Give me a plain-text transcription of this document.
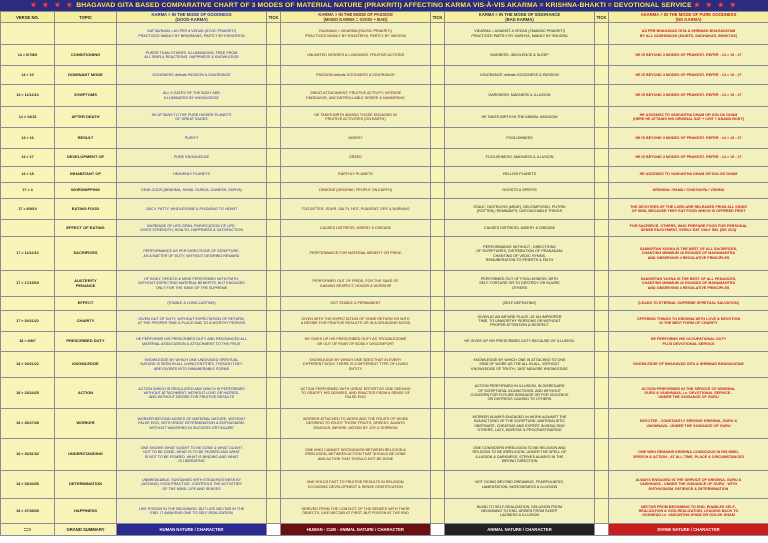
★ ★ ★ ★ BHAGAVAD GITA BASED COMPARATIVE CHART OF 3 MODES OF MATERIAL NATURE (PRAKRITI) AFFECTING KARMA VIS-À-VIS AKARMA = KRISHNA-BHAKTI = DEVOTIONAL SERVICE ★ ★ ★ ★
VERSE NO.	TOPIC	KARMA > IN THE MODE OF GOODNESS
(GOOD KARMA)	TICK	KARMA > IN THE MODE OF PASSION
(MIXED KARMA = GOOD + BAD)	TICK	KARMA > IN THE MODE OF IGNORANCE
(BAD KARMA)	TICK	AKARMA > IN THE MODE OF PURE GOODNESS
(NO KARMA)
		SATTAVIKAM = AS PER A VEDAS (ATVIC PRAKRITI)
PRACTICED MAINLY BY BRAHMANS, PARTLY BY KSHATRIYA		RAJASAM = VIKARMA (RAJSIC PRAKRITI)
PRACTICED MAINLY BY KSHATRIYA, PARTLY BY VAISHYA		VIKARMA = AGAINST A VEDAS (TAMASIC PRAKRITI)
PRACTICED PARTLY BY VAISHYA, MAINLY BY SHUDRA		AS PER BHAGAVAD GITA & SHRIMAD BHAGAVATAM
BY ALL VAISHNAVAS (SAINTS, SADHAKAS, BHAKTAS)
14 > 6/7/8/9	CONDITIONING	PURER THAN OTHERS, ILLUMINATING, FREE FROM
ALL SINFUL REACTIONS, HAPPINESS & KNOWLEDGE		UNLIMITED DESIRES & LONGINGS, FRUITIVE ACTIONS		MADNESS, INDOLENCE & SLEEP		HE IS BEYOND 3 MODES OF PRAKRITI. REFER : 14 > 19 - 27
14 > 10	DOMINANT MODE	GOODNESS defeats PASSION & IGNORANCE		PASSION defeats GOODNESS & IGNORANCE		IGNORANCE defeats GOODNESS & PASSION		HE IS BEYOND 3 MODES OF PRAKRITI. REFER : 14 > 19 - 27
14 > 11/12/13	SYMPTOMS	ALL 9 GATES OF THE BODY ARE
ILLUMINATED BY KNOWLEDGE		GREAT ATTACHMENT, FRUITIVE ACTIVITY, INTENSE
ENDEAVOR, UNCONTROLLABLE DESIRE & HANKERING		DARKNESS, MADNESS & ILLUSION		HE IS BEYOND 3 MODES OF PRAKRITI. REFER : 14 > 19 - 27
14 > 14/15	AFTER DEATH	HE ATTAINS TO THE PURE HIGHER PLANETS
OF GREAT SAGES		HE TAKES BIRTH AMONG THOSE ENGAGED IN
FRUITIVE ACTIVITIES (ON EARTH)		HE TAKES BIRTH IN THE ANIMAL KINGDOM		HE ASCENDS TO VAIKUNTHA DHAM OR GOLOK DHAM
(HERE HE ATTAINS HIS ORIGINAL SAT + CHIT + ANAND BODY)
14 > 16	RESULT	PURITY		MISERY		FOOLISHNESS		HE IS BEYOND 3 MODES OF PRAKRITI. REFER : 14 > 19 - 27
14 > 17	DEVELOPMENT OF	PURE KNOWLEDGE		GREED		FOOLISHNESS, MADNESS & ILLUSION		HE IS BEYOND 3 MODES OF PRAKRITI. REFER : 14 > 19 - 27
14 > 18	INHABITANT OF	HEAVENLY PLANETS		EARTHLY PLANETS		HELLISH PLANETS		HE ASCENDS TO VAIKUNTHA DHAM OR GOLOK DHAM
17 > 4	WORSHIPPING	DEMI-GODS (BRAHMA, SHIVA, DURGA, GANESH, SURYA)		DEMONS (DEMONIC PEOPLE ON EARTH)		GHOSTS & SPIRITS		KRISHNA / RAMA / CHAITANYA / VISHNU
17 > 8/9/10	EATING FOOD	JUICY, FATTY, WHOLESOME & PLEASING TO HEART		TOO BITTER, SOUR, SALTY, HOT, PUNGENT, DRY & BURNING		STALE, TASTELESS (MEAT), DECOMPOSED, PUTRID
(ROTTEN), REMNANTS, UNTOUCHABLE THINGS		THE DEVOTEES OF THE LORD ARE RELEASED FROM ALL KINDS
OF SINS, BECAUSE THEY EAT FOOD WHICH IS OFFERED FIRST
	EFFECT OF EATING	INCREASE OF LIFE-SPAN, PURIFICATION OF LIFE,
GIVES STRENGTH, HEALTH, HAPPINESS & SATISFACTION		CAUSES DISTRESS, MISERY & DISEASE		CAUSES DISTRESS, MISERY & DISEASE		FOR SACRIFICE. OTHERS, WHO PREPARE FOOD FOR PERSONAL
SENSE ENJOYMENT, VERILY EAT ONLY SIN. (BG 3/13)
17 > 11/12/13	SACRIFICES	PERFORMANCE AS PER DIRECTIONS OF SCRIPTURE,
AS A MATTER OF DUTY, WITHOUT DESIRING REWARD		PERFORMANCE FOR MATERIAL BENEFIT OR PRIDE		PERFORMANCE WITHOUT : DIRECTIONS
OF SCRIPTURES, DISTRIBUTION OF PRASADAM,
CHANTING OF VEDIC HYMNS,
REMUNERATION TO PRIESTS & FAITH		SANKIRTAN YAGNA IS THE BEST OF ALL SACRIFICES,
CHANTING MINIMUM 16 ROUNDS OF MAHAMANTRA
AND OBSERVING 4 REGULATIVE PRINCIPLES
17 > 17/18/19	AUSTERITY
PENANCE	OF BODY, SPEECH & MIND PERFORMED WITH FAITH,
WITHOUT EXPECTING MATERIAL BENEFITS, BUT ENGAGED
ONLY FOR THE SAKE OF THE SUPREME		PERFORMED OUT OF PRIDE, FOR THE SAKE OF
GAINING RESPECT, HONOR & WORSHIP		PERFORMED OUT OF FOOLISHNESS, WITH
SELF-TORTURE OR TO DESTROY OR INJURE
OTHERS		SANKIRTAN YAGNA IS THE BEST OF ALL PENANCES,
CHANTING MINIMUM 16 ROUNDS OF MAHAMANTRA
AND OBSERVING 4 REGULATIVE PRINCIPLES
	EFFECT	(STABLE & LONG-LASTING)		NOT STABLE & PERMANENT		(SELF-DEFEATING)		(LEADS TO ETERNAL SUPREME SPIRITUAL SALVATION)
17 > 20/21/22	CHARITY	GIVEN OUT OF DUTY, WITHOUT EXPECTATION OF RETURN,
AT THE PROPER TIME & PLACE AND TO A WORTHY PERSON		GIVEN WITH THE EXPECTATION OF SOME RETURN OR WITH
A DESIRE FOR FRUITIVE RESULTS OR IN A GRUDGING MOOD		GIVEN AT AN IMPURE PLACE, AT AN IMPROPER
TIME, TO UNWORTHY PERSONS OR WITHOUT
PROPER ATTENTION & RESPECT		OFFERING THINGS TO KRISHNA WITH LOVE & DEVOTION
IS THE BEST FORM OF CHARITY
18 > 9/8/7	PRESCRIBED DUTY	HE PERFORMS HIS PRESCRIBED DUTY AND RENOUNCES ALL
MATERIAL ASSOCIATION & ATTACHMENT TO THE FRUIT		HE GIVES UP HIS PRESCRIBED DUTY AS TROUBLESOME
OR OUT OF FEAR OF BODILY DISCOMFORT		HE GIVES UP HIS PRESCRIBED DUTY BECAUSE OF ILLUSION.		HE PERFORMS HIS OCCUPATIONAL DUTY
PLUS DEVOTIONAL SERVICE
18 > 20/21/22	KNOWLEDGE	KNOWLEDGE BY WHICH ONE UNDIVIDED SPIRITUAL
NATURE IS SEEN IN ALL LIVING ENTITIES, THOUGH THEY
ARE DIVIDED INTO INNUMERABLE FORMS		KNOWLEDGE BY WHICH ONE SEES THAT IN EVERY
DIFFERENT BODY, THERE IS A DIFFERENT TYPE OF LIVING
ENTITY		KNOWLEDGE BY WHICH ONE IS ATTACHED TO ONE
KIND OF WORK AS THE ALL IN ALL, WITHOUT
KNOWLEDGE OF TRUTH, JUST MEAGRE KNOWLEDGE		KNOWLEDGE OF BHAGAVAD GITA & SHRIMAD BHAGAVATAM
18 > 23/24/25	ACTION	ACTION WHICH IS REGULATED AND WHICH IS PERFORMED
WITHOUT ATTACHMENT, WITHOUT LOVE OR HATRED,
AND WITHOUT DESIRE FOR FRUITIVE RESULTS		ACTION PERFORMED WITH GREAT EFFORT BY ONE SEEKING
TO GRATIFY HIS DESIRES, AND ENACTED FROM A SENSE OF
FALSE EGO		ACTION PERFORMED IN ILLUSION, IN DISREGARD
OF SCRIPTURAL INJUNCTIONS, AND WITHOUT
CONCERN FOR FUTURE BONDAGE OR FOR VIOLENCE
OR DISTRESS CAUSED TO OTHERS		ACTION PERFORMED IN THE SERVICE OF KRISHNA,
GURU & VAISHNAVA, i.e. DEVOTIONAL SERVICE -
UNDER THE GUIDANCE OF GURU
18 > 26/27/28	WORKER	WORKER BEYOND MODES OF MATERIAL NATURE, WITHOUT
FALSE EGO, WITH GREAT DETERMINATION & ENTHUSIASM,
WITHOUT WAVERING IN SUCCESS OR FAILURE		WORKER ATTACHED TO WORK AND THE FRUITS OF WORK
DESIRING TO ENJOY THOSE FRUITS, GREEDY, ALWAYS
ENVIOUS, IMPURE, MOVED BY JOY & SORROW		WORKER ALWAYS ENGAGED IN WORK AGAINST THE
INJUNCTIONS OF THE SCRIPTURE, MATERIALISTIC
OBSTINATE, CHEATING AND EXPERT IN INSULTING
OTHERS, LAZY, MOROSE & PROCRASTINATING		DEVOTEE - CONSTANTLY SERVING KRISHNA, GURU &
VAISHNAVA - UNDER THE GUIDANCE OF GURU
18 > 30/31/32	UNDERSTANDING	ONE KNOWS WHAT OUGHT TO BE DONE & WHAT OUGHT
NOT TO BE DONE, WHAT IS TO BE FEARED AND WHAT
IS NOT TO BE FEARED, WHAT IS BINDING AND WHAT
IS LIBERATING		ONE WHO CANNOT DISTINGUISH BETWEEN RELIGION &
IRRELIGION, BETWEEN ACTION THAT SHOULD BE DONE
AND ACTION THAT SHOULD NOT BE DONE		ONE CONSIDERS IRRELIGION TO BE RELIGION AND
RELIGION TO BE IRRELIGION, UNDER THE SPELL OF
ILLUSION & DARKNESS, STRIVES ALWAYS IN THE
WRONG DIRECTION		ONE WHO REMAINS KRISHNA-CONSCIOUS IN HIS MIND,
SPEECH & ACTION - AT ALL TIME, PLACE & CIRCUMSTANCES
18 > 33/34/35	DETERMINATION	UNBREAKABLE, SUSTAINED WITH STEADFASTNESS BY
(ASTANG) YOGA PRACTICE, CONTROLS THE ACTIVITIES
OF THE MIND, LIFE AND SENSES		ONE HOLDS FAST TO FRUITIVE RESULTS IN RELIGION,
ECONOMIC DEVELOPMENT & SENSE GRATIFICATION		NOT GOING BEYOND DREAMING, FEARFULNESS,
LAMENTATION, MOROSENESS & ILLUSION		ALWAYS ENGAGED IN THE SERVICE OF KRISHNA, GURU &
VAISHNAVA - UNDER THE GUIDANCE OF GURU - WITH
ENTHUSIASM, PATIENCE & DETERMINATION
18 > 37/38/39	HAPPINESS	LIKE POISON IN THE BEGINNING, BUT LIKE NECTAR IN THE
END. IT AWAKENS ONE TO SELF-REALIZATION		DERIVED FROM THE CONTACT OF THE SENSES WITH THEIR
OBJECTS. LIKE NECTAR AT FIRST, BUT POISON AT THE END		BLIND TO SELF-REALIZATION. DELUSION FROM
BEGINNING TO END. ARISES FROM SLEEP,
LAZINESS & ILLUSION		NECTAR FROM BEGINNING TO END, ENABLES SELF-
REALIZATION & GOD-REALIZATION, LEADING BACK TO
GODHEAD i.e. VAIKUNTHA DHAM OR GOLOK DHAM
==>	GRAND SUMMARY	HUMAN NATURE / CHARACTER		HUMAN - CUM - ANIMAL NATURE / CHARACTER		ANIMAL NATURE / CHARACTER		DIVINE NATURE / CHARACTER
